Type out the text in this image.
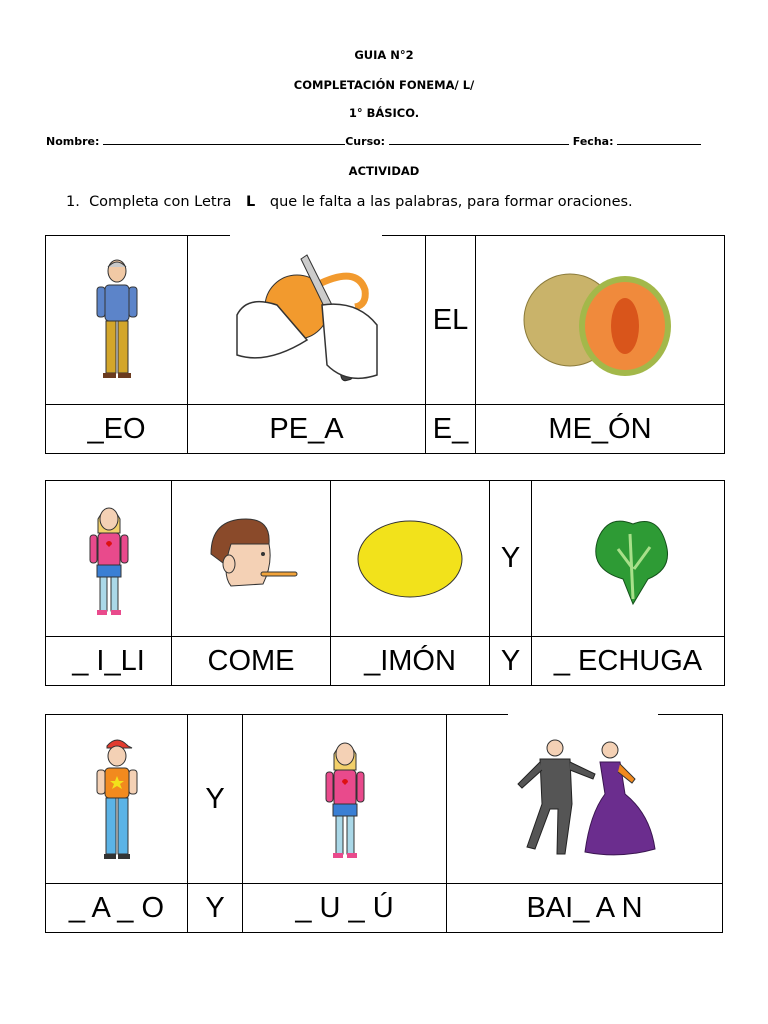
GUIA N°2
COMPLETACIÓN FONEMA/ L/
1° BÁSICO.
Nombre:	Curso:	Fecha:
ACTIVIDAD
1. Completa con Letra L que le falta a las palabras, para formar oraciones.

	EL	

_EO	PE_A	E_	ME_ÓN

	Y	

_ I_LI	COME	_IMÓN	Y	_ ECHUGA
	Y	

_ A _ O	Y	_ U _ Ú	BAI_ A N
